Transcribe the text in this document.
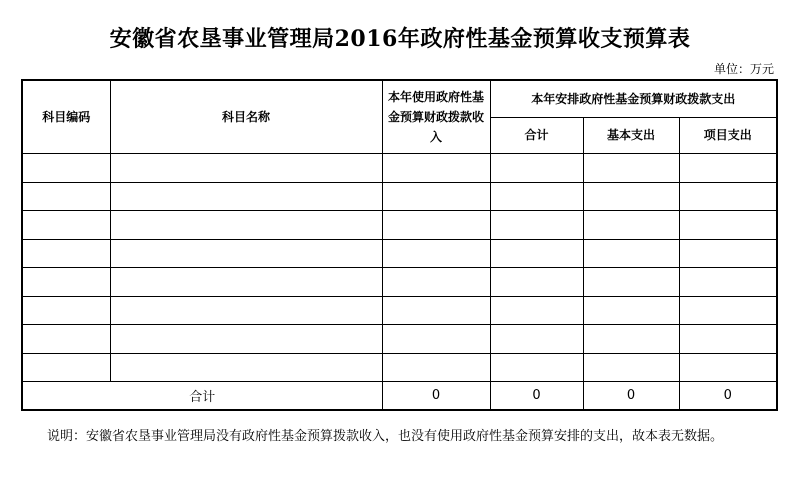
安徽省农垦事业管理局2016年政府性基金预算收支预算表
单位：万元
科目编码	科目名称	本年使用政府性基金预算财政拨款收入	本年安排政府性基金预算财政拨款支出		
			合计	基本支出	项目支出

合计		0	0	0	0
说明：安徽省农垦事业管理局没有政府性基金预算拨款收入，也没有使用政府性基金预算安排的支出，故本表无数据。
